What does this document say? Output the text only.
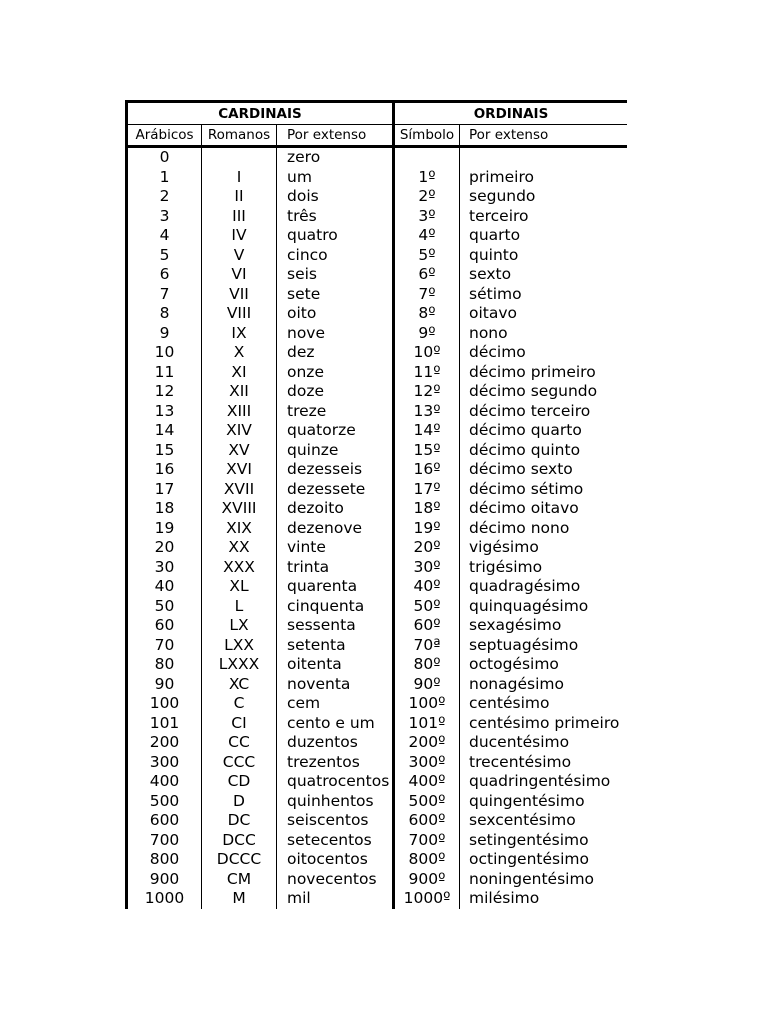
CARDINAIS			ORDINAIS	
Arábicos	Romanos	Por extenso	Símbolo	Por extenso
0		zero		
1	I	um	1º	primeiro
2	II	dois	2º	segundo
3	III	três	3º	terceiro
4	IV	quatro	4º	quarto
5	V	cinco	5º	quinto
6	VI	seis	6º	sexto
7	VII	sete	7º	sétimo
8	VIII	oito	8º	oitavo
9	IX	nove	9º	nono
10	X	dez	10º	décimo
11	XI	onze	11º	décimo primeiro
12	XII	doze	12º	décimo segundo
13	XIII	treze	13º	décimo terceiro
14	XIV	quatorze	14º	décimo quarto
15	XV	quinze	15º	décimo quinto
16	XVI	dezesseis	16º	décimo sexto
17	XVII	dezessete	17º	décimo sétimo
18	XVIII	dezoito	18º	décimo oitavo
19	XIX	dezenove	19º	décimo nono
20	XX	vinte	20º	vigésimo
30	XXX	trinta	30º	trigésimo
40	XL	quarenta	40º	quadragésimo
50	L	cinquenta	50º	quinquagésimo
60	LX	sessenta	60º	sexagésimo
70	LXX	setenta	70ª	septuagésimo
80	LXXX	oitenta	80º	octogésimo
90	XC	noventa	90º	nonagésimo
100	C	cem	100º	centésimo
101	CI	cento e um	101º	centésimo primeiro
200	CC	duzentos	200º	ducentésimo
300	CCC	trezentos	300º	trecentésimo
400	CD	quatrocentos	400º	quadringentésimo
500	D	quinhentos	500º	quingentésimo
600	DC	seiscentos	600º	sexcentésimo
700	DCC	setecentos	700º	setingentésimo
800	DCCC	oitocentos	800º	octingentésimo
900	CM	novecentos	900º	noningentésimo
1000	M	mil	1000º	milésimo
